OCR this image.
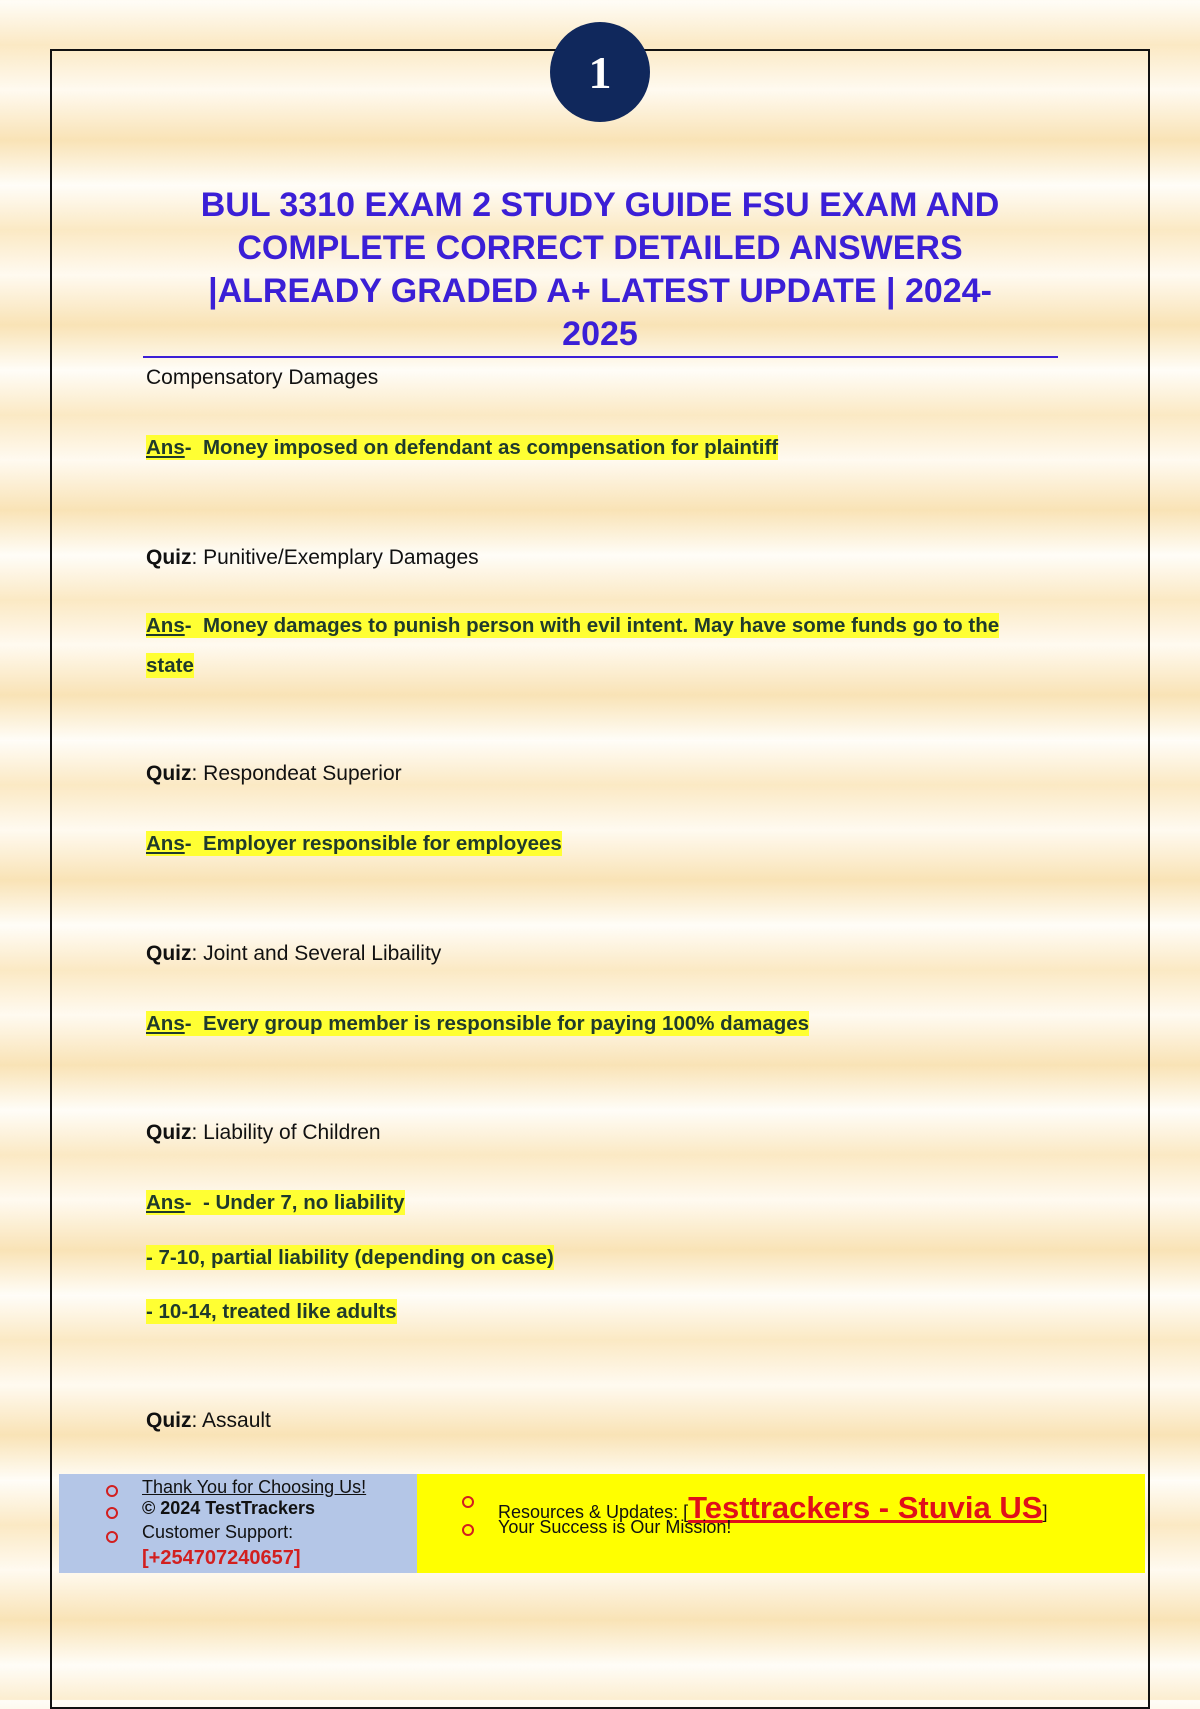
1
BUL 3310 EXAM 2 STUDY GUIDE FSU EXAM AND
COMPLETE CORRECT DETAILED ANSWERS
|ALREADY GRADED A+ LATEST UPDATE | 2024-
2025
Compensatory Damages
Ans-  Money imposed on defendant as compensation for plaintiff
Quiz: Punitive/Exemplary Damages
Ans-  Money damages to punish person with evil intent. May have some funds go to the
state
Quiz: Respondeat Superior
Ans-  Employer responsible for employees
Quiz: Joint and Several Libaility
Ans-  Every group member is responsible for paying 100% damages
Quiz: Liability of Children
Ans-  - Under 7, no liability
- 7-10, partial liability (depending on case)
- 10-14, treated like adults
Quiz: Assault
Thank You for Choosing Us!
© 2024 TestTrackers
Customer Support:
[+254707240657]
Resources & Updates: [Testtrackers - Stuvia US]
Your Success is Our Mission!
